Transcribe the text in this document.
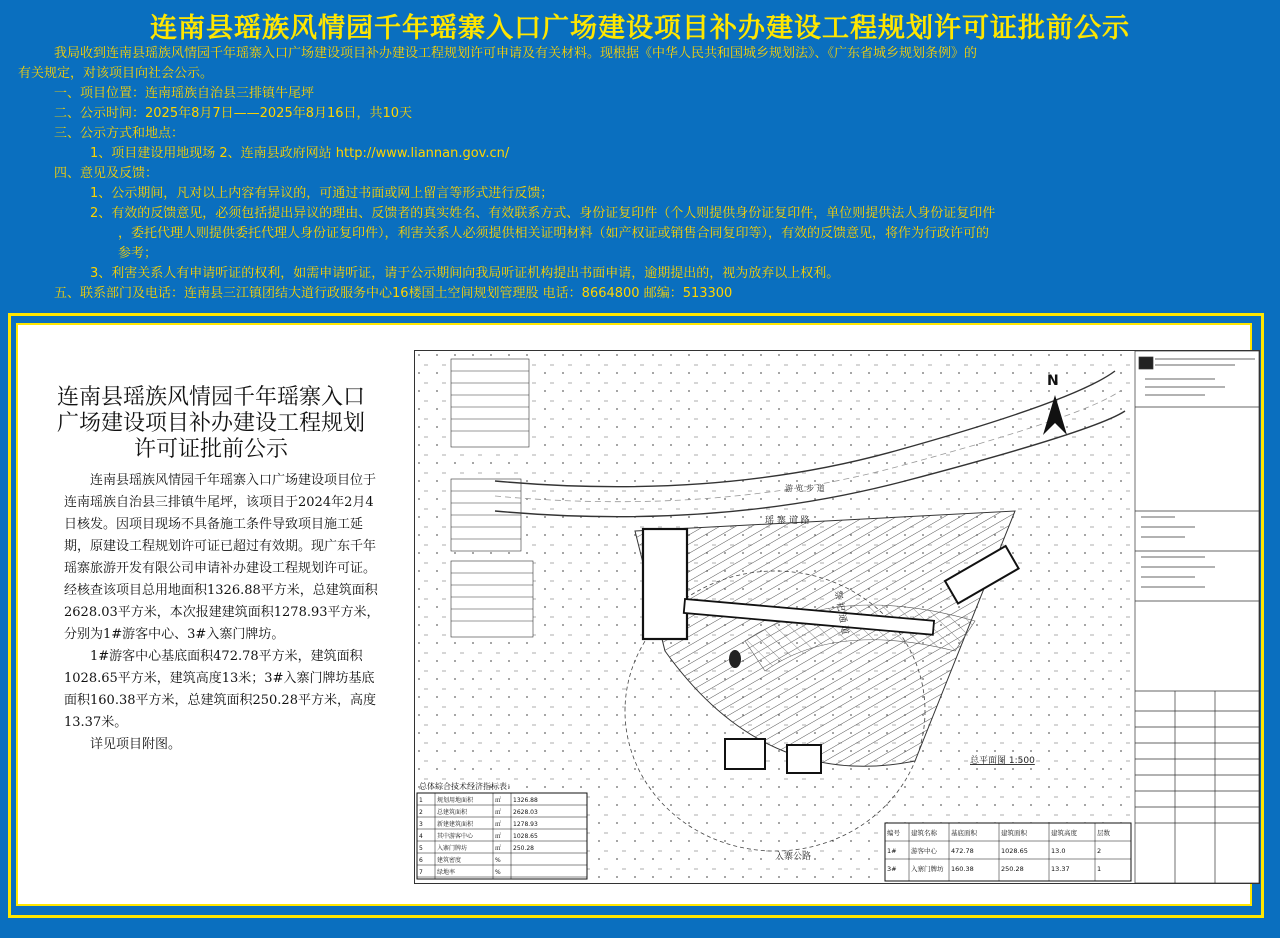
连南县瑶族风情园千年瑶寨入口广场建设项目补办建设工程规划许可证批前公示

我局收到连南县瑶族风情园千年瑶寨入口广场建设项目补办建设工程规划许可申请及有关材料。现根据《中华人民共和国城乡规划法》、《广东省城乡规划条例》的

有关规定，对该项目向社会公示。

一、项目位置：连南瑶族自治县三排镇牛尾坪

二、公示时间：2025年8月7日——2025年8月16日，共10天

三、公示方式和地点：

1、项目建设用地现场 2、连南县政府网站 http://www.liannan.gov.cn/

四、意见及反馈：

1、公示期间，凡对以上内容有异议的，可通过书面或网上留言等形式进行反馈；

2、有效的反馈意见，必须包括提出异议的理由、反馈者的真实姓名、有效联系方式、身份证复印件（个人则提供身份证复印件，单位则提供法人身份证复印件

，委托代理人则提供委托代理人身份证复印件），利害关系人必须提供相关证明材料（如产权证或销售合同复印等），有效的反馈意见，将作为行政许可的

参考；

3、利害关系人有申请听证的权利，如需申请听证，请于公示期间向我局听证机构提出书面申请，逾期提出的，视为放弃以上权利。

五、联系部门及电话：连南县三江镇团结大道行政服务中心16楼国土空间规划管理股 电话：8664800 邮编：513300

连南县瑶族风情园千年瑶寨入口
广场建设项目补办建设工程规划
许可证批前公示

连南县瑶族风情园千年瑶寨入口广场建设项目位于连南瑶族自治县三排镇牛尾坪，该项目于2024年2月4日核发。因项目现场不具备施工条件导致项目施工延期，原建设工程规划许可证已超过有效期。现广东千年瑶寨旅游开发有限公司申请补办建设工程规划许可证。经核查该项目总用地面积1326.88平方米，总建筑面积2628.03平方米，本次报建建筑面积1278.93平方米，分别为1#游客中心、3#入寨门牌坊。

1#游客中心基底面积472.78平方米，建筑面积1028.65平方米，建筑高度13米；3#入寨门牌坊基底面积160.38平方米，总建筑面积250.28平方米，高度13.37米。

详见项目附图。

瑶 寨 道 路
祭 祀 通 道
游 览 步 道
入寨公路
总平面图 1:500
N
总体综合技术经济指标表：
1 规划用地面积	㎡ 1326.88
2 总建筑面积	㎡ 2628.03
3 新建建筑面积	㎡ 1278.93
4 其中游客中心	㎡ 1028.65
5 入寨门牌坊	㎡ 250.28
6 建筑密度	%
7 绿地率	%
编号 建筑名称 基底面积	建筑面积	建筑高度	层数
1# 游客中心 472.78	1028.65	13.0	2
3# 入寨门牌坊 160.38	250.28	13.37	1
